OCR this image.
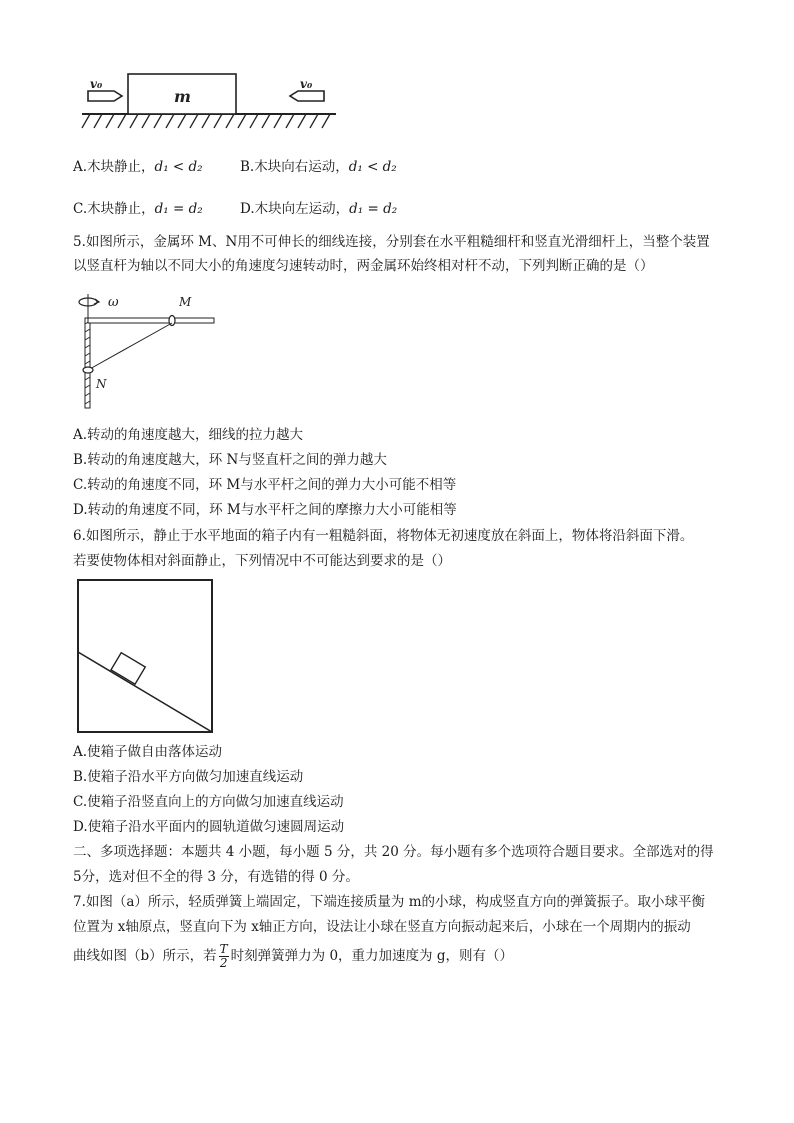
m
v₀	v₀
A.木块静止，d₁ < d₂	B.木块向右运动，d₁ < d₂
C.木块静止，d₁ = d₂	D.木块向左运动，d₁ = d₂
5.如图所示，金属环 M、N用不可伸长的细线连接，分别套在水平粗糙细杆和竖直光滑细杆上，当整个装置
以竖直杆为轴以不同大小的角速度匀速转动时，两金属环始终相对杆不动，下列判断正确的是（）
ω	M
N
A.转动的角速度越大，细线的拉力越大
B.转动的角速度越大，环 N与竖直杆之间的弹力越大
C.转动的角速度不同，环 M与水平杆之间的弹力大小可能不相等
D.转动的角速度不同，环 M与水平杆之间的摩擦力大小可能相等
6.如图所示，静止于水平地面的箱子内有一粗糙斜面，将物体无初速度放在斜面上，物体将沿斜面下滑。
若要使物体相对斜面静止，下列情况中不可能达到要求的是（）
A.使箱子做自由落体运动
B.使箱子沿水平方向做匀加速直线运动
C.使箱子沿竖直向上的方向做匀加速直线运动
D.使箱子沿水平面内的圆轨道做匀速圆周运动
二、多项选择题：本题共 4 小题，每小题 5 分，共 20 分。每小题有多个选项符合题目要求。全部选对的得
5分，选对但不全的得 3 分，有选错的得 0 分。
7.如图（a）所示，轻质弹簧上端固定，下端连接质量为 m的小球，构成竖直方向的弹簧振子。取小球平衡
位置为 x轴原点，竖直向下为 x轴正方向，设法让小球在竖直方向振动起来后，小球在一个周期内的振动
曲线如图（b）所示，若 $\frac{T}{2}$ 时刻弹簧弹力为 0，重力加速度为 g，则有（）
